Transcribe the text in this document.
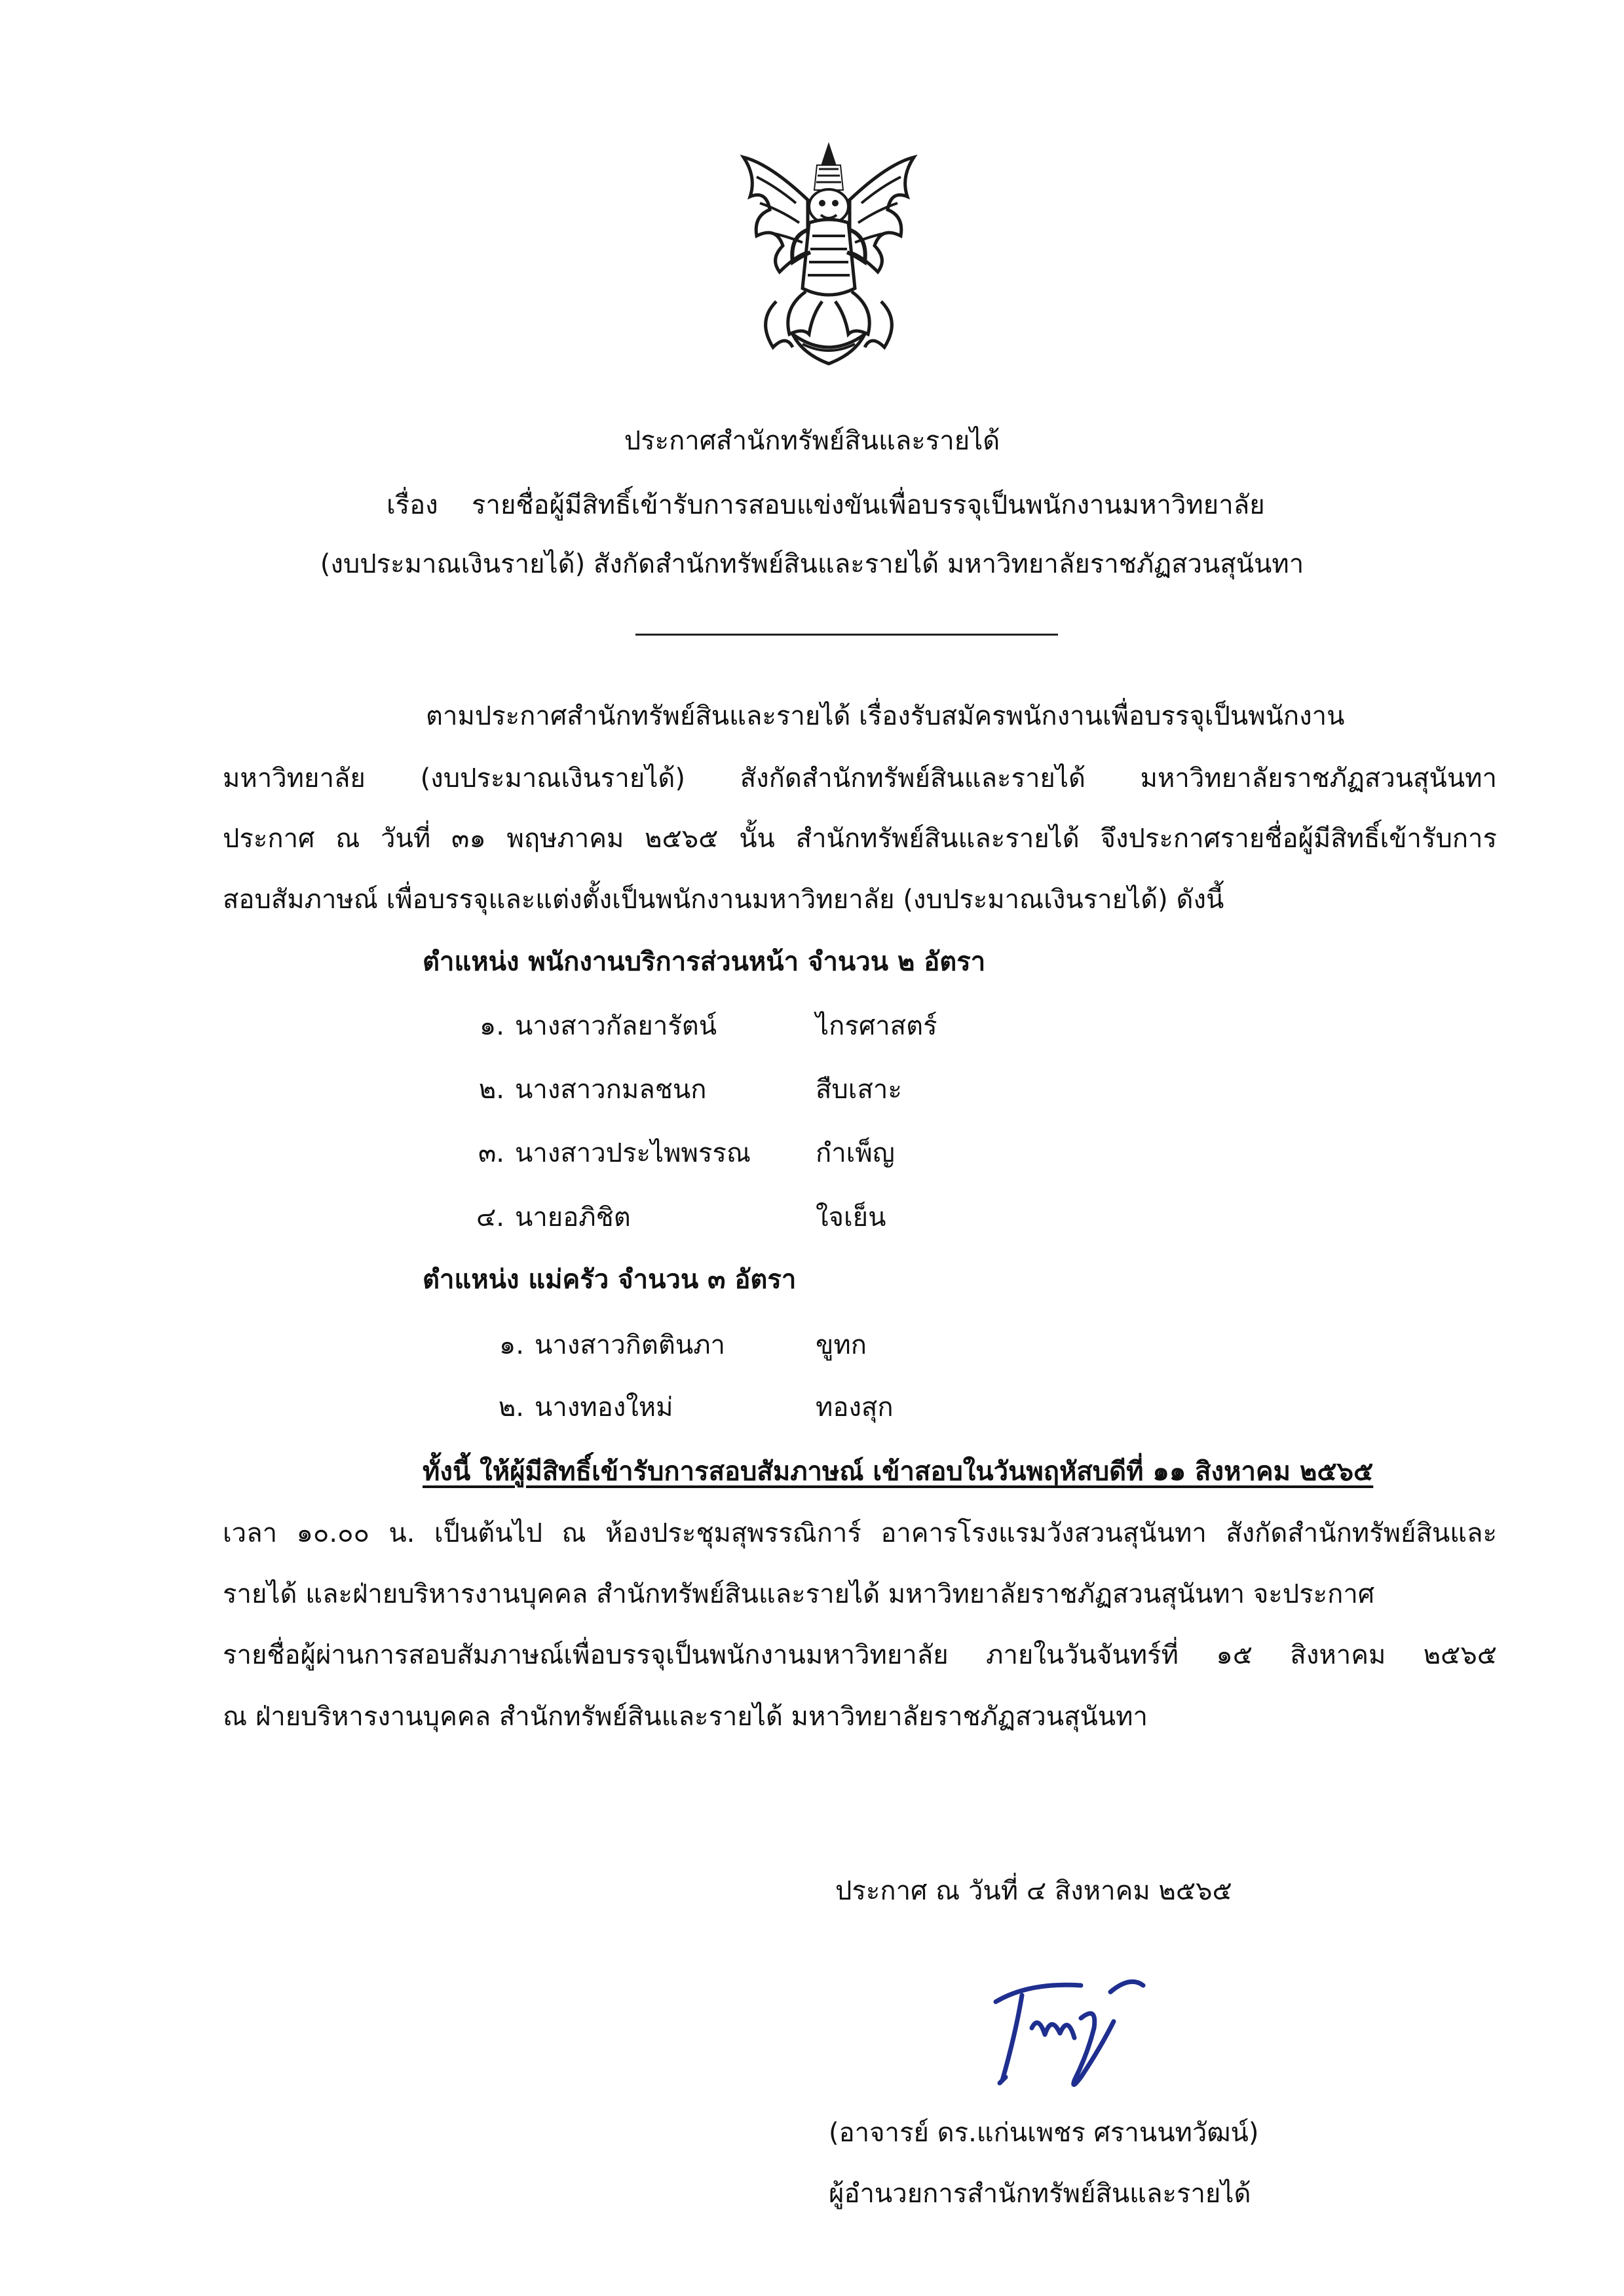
ประกาศสำนักทรัพย์สินและรายได้
เรื่อง รายชื่อผู้มีสิทธิ์เข้ารับการสอบแข่งขันเพื่อบรรจุเป็นพนักงานมหาวิทยาลัย
(งบประมาณเงินรายได้) สังกัดสำนักทรัพย์สินและรายได้ มหาวิทยาลัยราชภัฏสวนสุนันทา
ตามประกาศสำนักทรัพย์สินและรายได้ เรื่องรับสมัครพนักงานเพื่อบรรจุเป็นพนักงาน
มหาวิทยาลัย (งบประมาณเงินรายได้) สังกัดสำนักทรัพย์สินและรายได้ มหาวิทยาลัยราชภัฏสวนสุนันทา
ประกาศ ณ วันที่ ๓๑ พฤษภาคม ๒๕๖๕ นั้น สำนักทรัพย์สินและรายได้ จึงประกาศรายชื่อผู้มีสิทธิ์เข้ารับการ
สอบสัมภาษณ์ เพื่อบรรจุและแต่งตั้งเป็นพนักงานมหาวิทยาลัย (งบประมาณเงินรายได้) ดังนี้
ตำแหน่ง พนักงานบริการส่วนหน้า จำนวน ๒ อัตรา
๑. นางสาวกัลยารัตน์	ไกรศาสตร์
๒. นางสาวกมลชนก	สืบเสาะ
๓. นางสาวประไพพรรณ กำเพ็ญ
๔. นายอภิชิต	ใจเย็น
ตำแหน่ง แม่ครัว จำนวน ๓ อัตรา
๑. นางสาวกิตตินภา	ขูทก
๒. นางทองใหม่	ทองสุก
ทั้งนี้ ให้ผู้มีสิทธิ์เข้ารับการสอบสัมภาษณ์ เข้าสอบในวันพฤหัสบดีที่ ๑๑ สิงหาคม ๒๕๖๕
เวลา ๑๐.๐๐ น. เป็นต้นไป ณ ห้องประชุมสุพรรณิการ์ อาคารโรงแรมวังสวนสุนันทา สังกัดสำนักทรัพย์สินและ
รายได้ และฝ่ายบริหารงานบุคคล สำนักทรัพย์สินและรายได้ มหาวิทยาลัยราชภัฏสวนสุนันทา จะประกาศ
รายชื่อผู้ผ่านการสอบสัมภาษณ์เพื่อบรรจุเป็นพนักงานมหาวิทยาลัย ภายในวันจันทร์ที่ ๑๕ สิงหาคม ๒๕๖๕
ณ ฝ่ายบริหารงานบุคคล สำนักทรัพย์สินและรายได้ มหาวิทยาลัยราชภัฏสวนสุนันทา
ประกาศ ณ วันที่ ๔ สิงหาคม ๒๕๖๕
(อาจารย์ ดร.แก่นเพชร ศรานนทวัฒน์)
ผู้อำนวยการสำนักทรัพย์สินและรายได้
